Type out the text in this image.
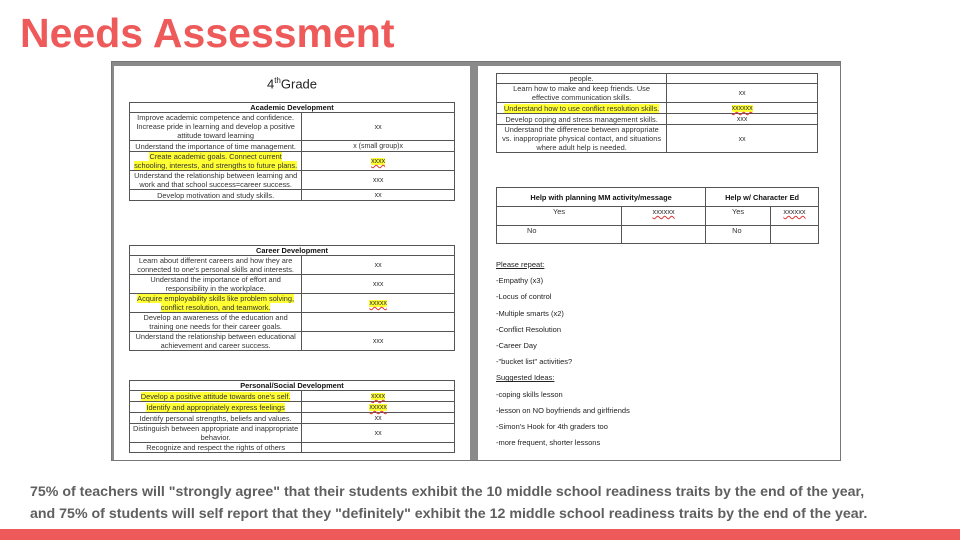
Needs Assessment
4thGrade
Academic Development	
Improve academic competence and confidence. Increase pride in learning and develop a positive attitude toward learning	xx
Understand the importance of time management.	x (small group)x
Create academic goals. Connect current schooling, interests, and strengths to future plans.	xxxx
Understand the relationship between learning and work and that school success=career success.	xxx
Develop motivation and study skills.	xx
Career Development	
Learn about different careers and how they are connected to one's personal skills and interests.	xx
Understand the importance of effort and responsibility in the workplace.	xxx
Acquire employability skills like problem solving, conflict resolution, and teamwork.	xxxxx
Develop an awareness of the education and training one needs for their career goals.	
Understand the relationship between educational achievement and career success.	xxx
Personal/Social Development	
Develop a positive attitude towards one's self.	xxxx
Identify and appropriately express feelings	xxxxx
Identify personal strengths, beliefs and values.	xx
Distinguish between appropriate and inappropriate behavior.	xx
Recognize and respect the rights of others	
people.	
Learn how to make and keep friends. Use effective communication skills.	xx
Understand how to use conflict resolution skills.	xxxxxx
Develop coping and stress management skills.	xxx
Understand the difference between appropriate vs. inappropriate physical contact, and situations where adult help is needed.	xx
Help with planning MM activity/message		Help w/ Character Ed	
Yes	xxxxxx	Yes	xxxxxx
No		No	
Please repeat:
-Empathy (x3)
-Locus of control
-Multiple smarts (x2)
-Conflict Resolution
-Career Day
-"bucket list" activities?
Suggested Ideas:
-coping skills lesson
-lesson on NO boyfriends and girlfriends
-Simon's Hook for 4th graders too
-more frequent, shorter lessons
75% of teachers will "strongly agree" that their students exhibit the 10 middle school readiness traits by the end of the year,
and 75% of students will self report that they "definitely" exhibit the 12 middle school readiness traits by the end of the year.
